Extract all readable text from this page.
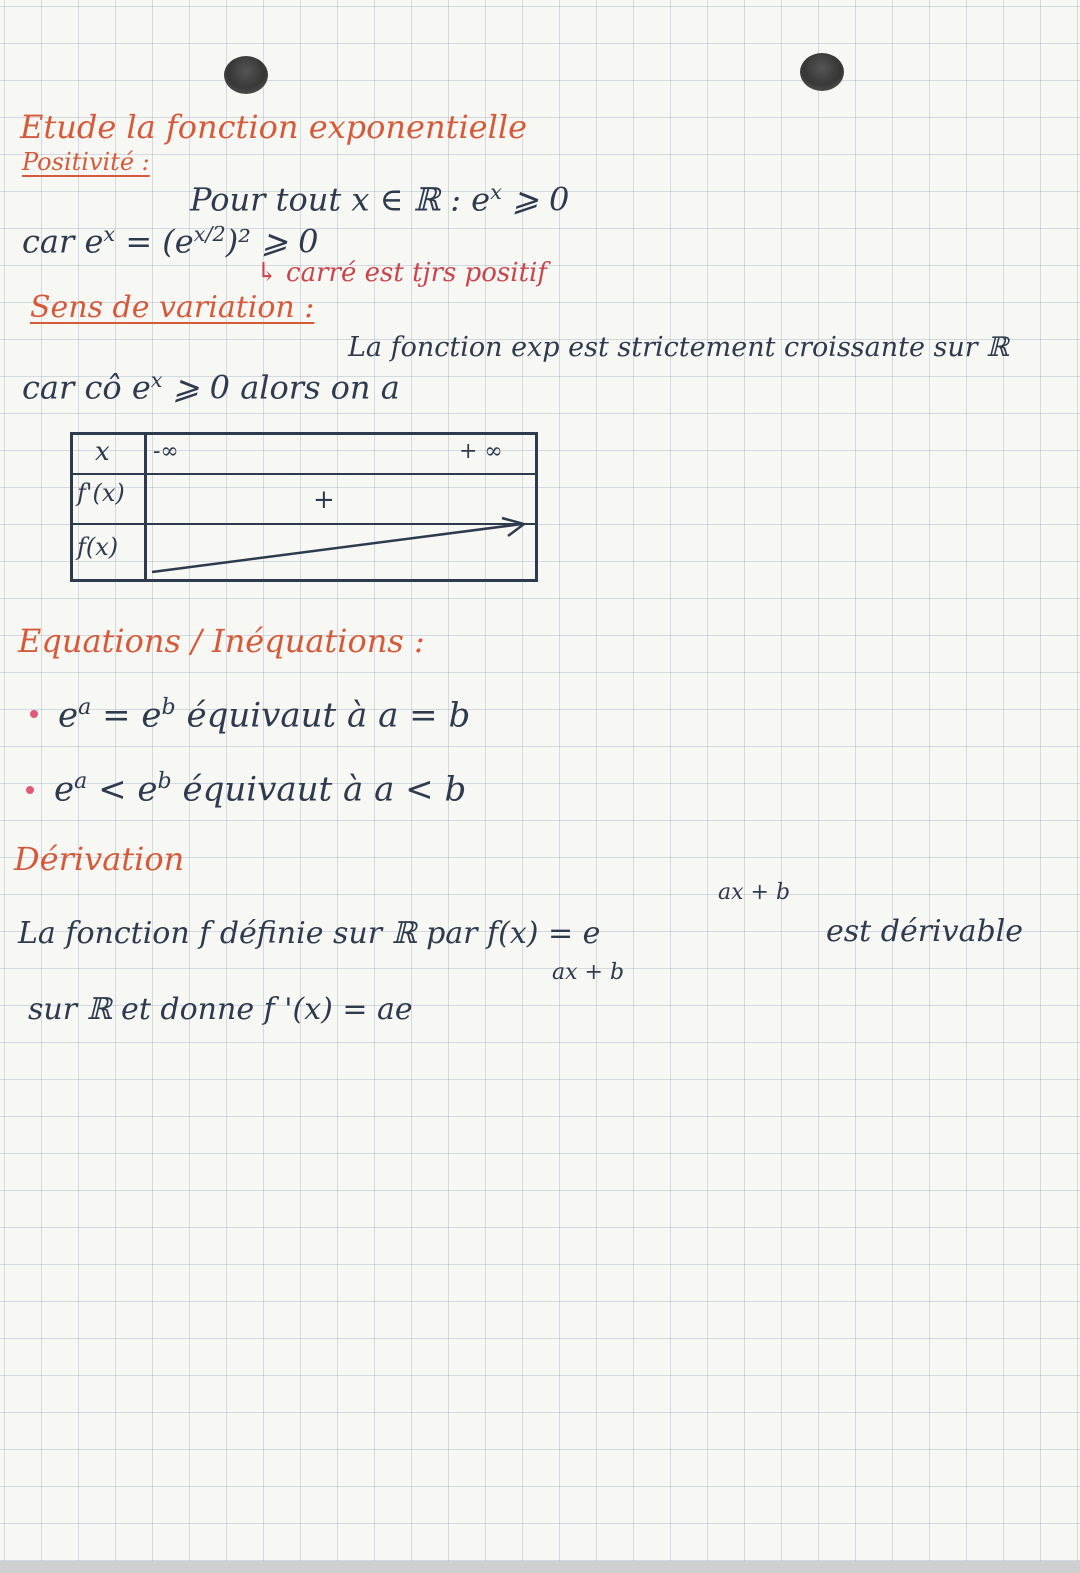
Etude la fonction exponentielle
Positivité :
Pour tout x ∈ ℝ : $e^x$ ⩾ 0
car $e^x = (e^{x/2})^2$ ⩾ 0
↳ carré est tjrs positif
Sens de variation :
La fonction exp est strictement croissante sur ℝ
car cô $e^x$ ⩾ 0 alors on a
x -∞	+ ∞
f'(x)	+
f(x)
Equations / Inéquations :
$e^a = e^b$ équivaut à a = b
$e^a < e^b$ équivaut à a < b
Dérivation
ax + b
La fonction f définie sur ℝ par f(x) = e	est dérivable
ax + b
sur ℝ et donne f '(x) = ae
